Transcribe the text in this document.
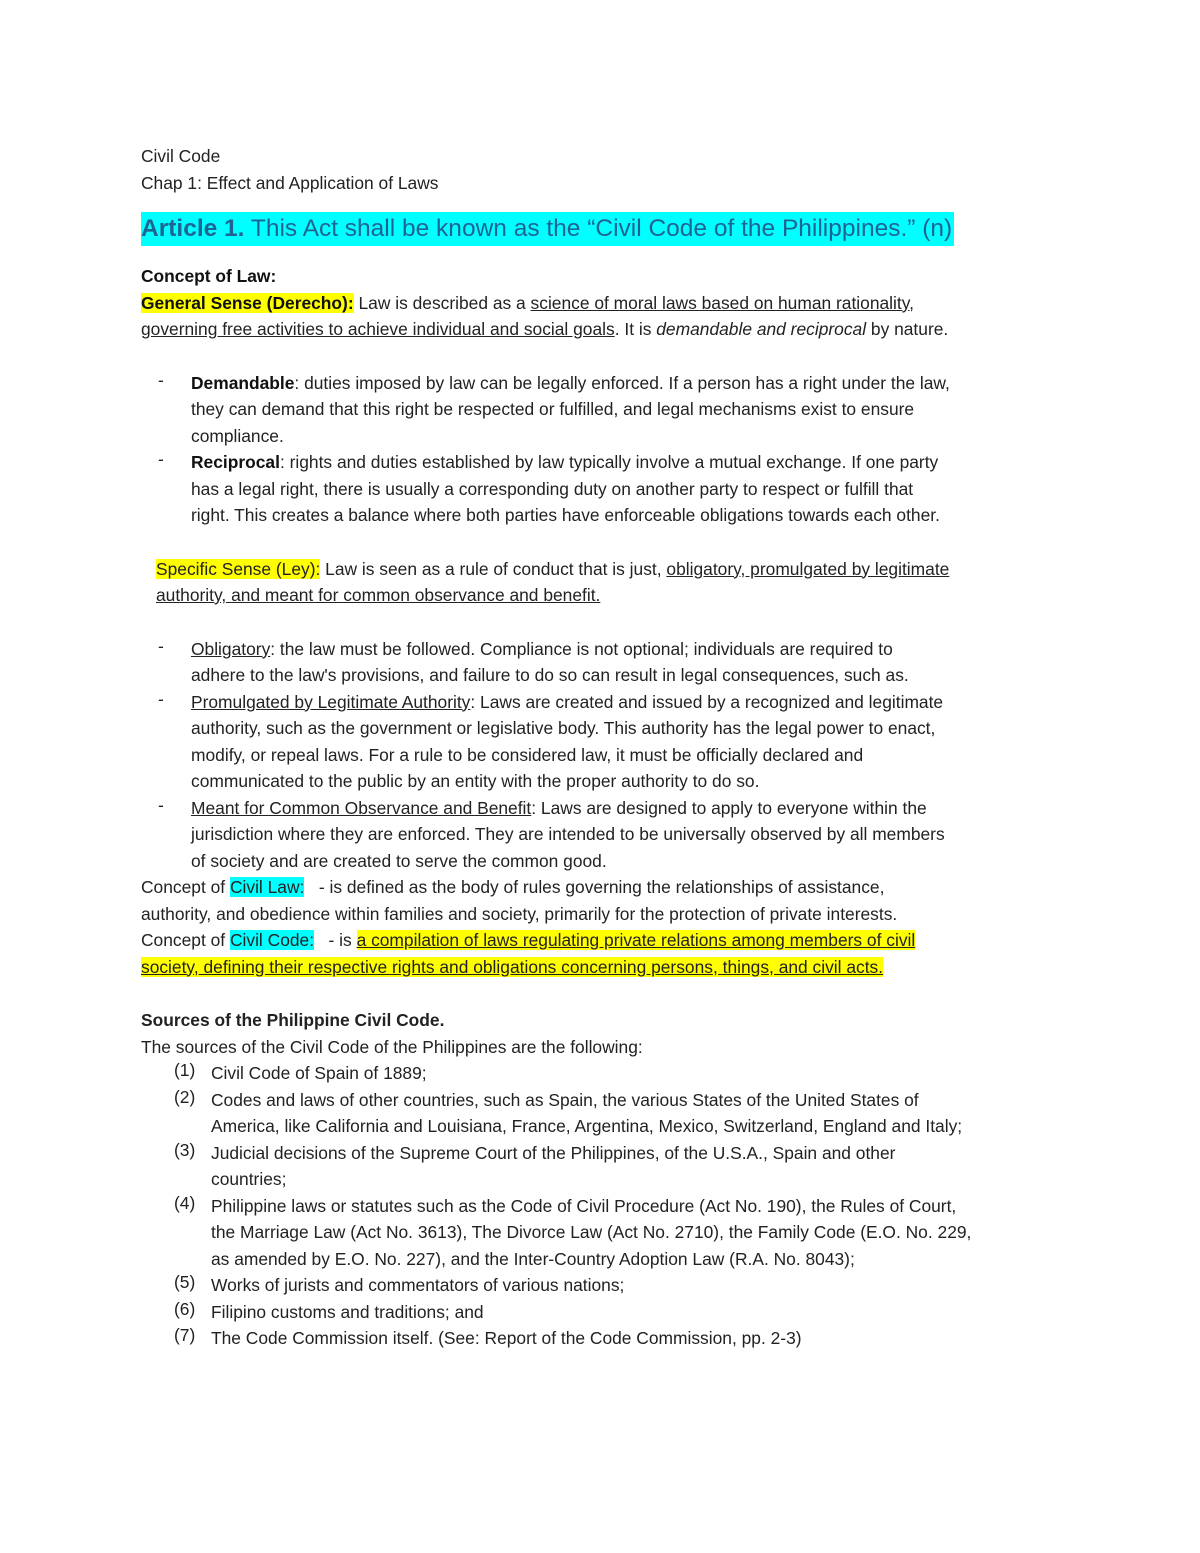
Civil Code
Chap 1: Effect and Application of Laws
Article 1. This Act shall be known as the “Civil Code of the Philippines.” (n)
Concept of Law:
General Sense (Derecho): Law is described as a science of moral laws based on human rationality,
governing free activities to achieve individual and social goals. It is demandable and reciprocal by nature.
- Demandable: duties imposed by law can be legally enforced. If a person has a right under the law,
they can demand that this right be respected or fulfilled, and legal mechanisms exist to ensure
compliance.
- Reciprocal: rights and duties established by law typically involve a mutual exchange. If one party
has a legal right, there is usually a corresponding duty on another party to respect or fulfill that
right. This creates a balance where both parties have enforceable obligations towards each other.
Specific Sense (Ley): Law is seen as a rule of conduct that is just, obligatory, promulgated by legitimate
authority, and meant for common observance and benefit.
- Obligatory: the law must be followed. Compliance is not optional; individuals are required to
adhere to the law's provisions, and failure to do so can result in legal consequences, such as.
- Promulgated by Legitimate Authority: Laws are created and issued by a recognized and legitimate
authority, such as the government or legislative body. This authority has the legal power to enact,
modify, or repeal laws. For a rule to be considered law, it must be officially declared and
communicated to the public by an entity with the proper authority to do so.
- Meant for Common Observance and Benefit: Laws are designed to apply to everyone within the
jurisdiction where they are enforced. They are intended to be universally observed by all members
of society and are created to serve the common good.
Concept of Civil Law:   - is defined as the body of rules governing the relationships of assistance,
authority, and obedience within families and society, primarily for the protection of private interests.
Concept of Civil Code:   - is a compilation of laws regulating private relations among members of civil
society, defining their respective rights and obligations concerning persons, things, and civil acts.
Sources of the Philippine Civil Code.
The sources of the Civil Code of the Philippines are the following:
(1) Civil Code of Spain of 1889;
(2) Codes and laws of other countries, such as Spain, the various States of the United States of
America, like California and Louisiana, France, Argentina, Mexico, Switzerland, England and Italy;
(3) Judicial decisions of the Supreme Court of the Philippines, of the U.S.A., Spain and other
countries;
(4) Philippine laws or statutes such as the Code of Civil Procedure (Act No. 190), the Rules of Court,
the Marriage Law (Act No. 3613), The Divorce Law (Act No. 2710), the Family Code (E.O. No. 229,
as amended by E.O. No. 227), and the Inter-Country Adoption Law (R.A. No. 8043);
(5) Works of jurists and commentators of various nations;
(6) Filipino customs and traditions; and
(7) The Code Commission itself. (See: Report of the Code Commission, pp. 2-3)
